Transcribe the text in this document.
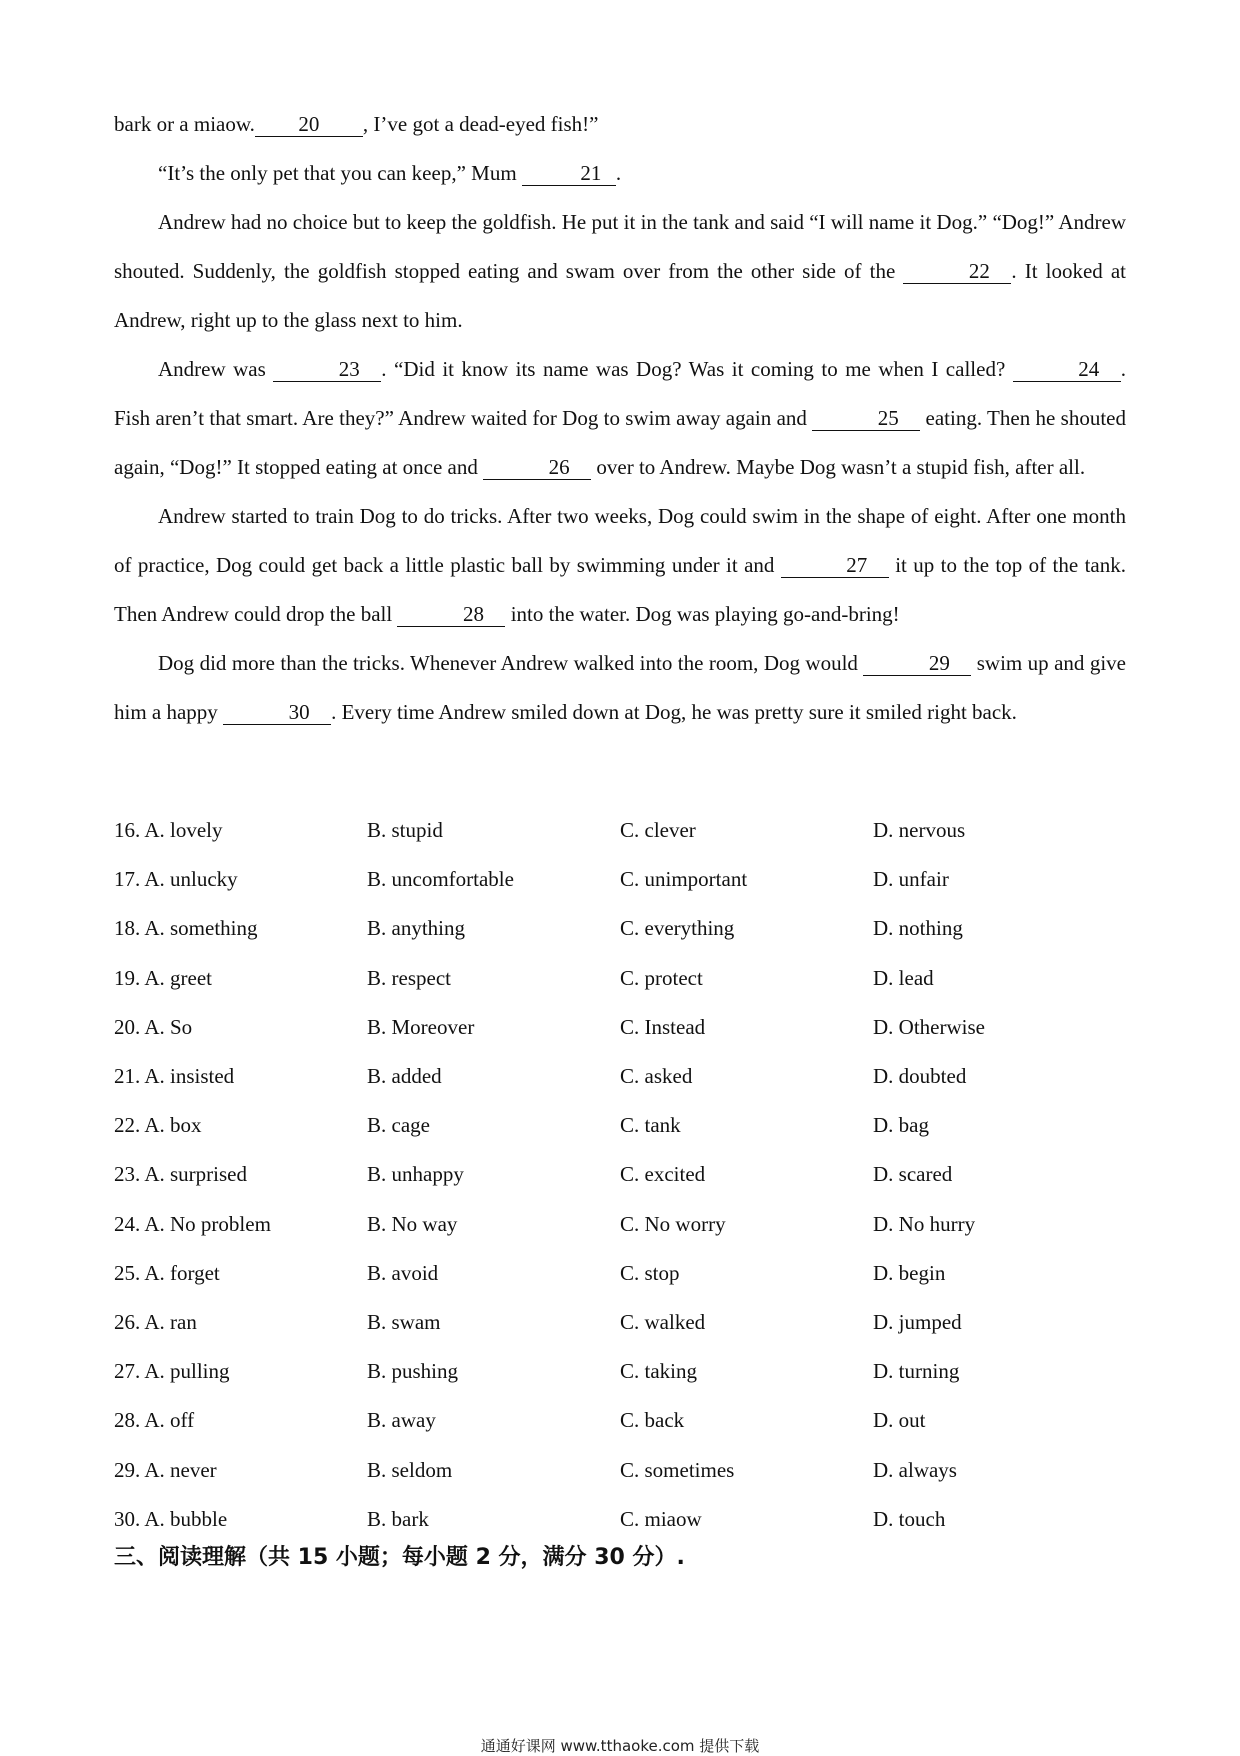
bark or a miaow. 20 , I’ve got a dead-eyed fish!”

“It’s the only pet that you can keep,” Mum	21 .

Andrew had no choice but to keep the goldfish. He put it in the tank and said “I will name it Dog.” “Dog!” Andrew shouted. Suddenly, the goldfish stopped eating and swam over from the other side of the	22 . It looked at Andrew, right up to the glass next to him.

Andrew was	23 . “Did it know its name was Dog? Was it coming to me when I called?	24 . Fish aren’t that smart. Are they?” Andrew waited for Dog to swim away again and	25 eating. Then he shouted again, “Dog!” It stopped eating at once and	26 over to Andrew. Maybe Dog wasn’t a stupid fish, after all.

Andrew started to train Dog to do tricks. After two weeks, Dog could swim in the shape of eight. After one month of practice, Dog could get back a little plastic ball by swimming under it and	27 it up to the top of the tank. Then Andrew could drop the ball	28 into the water. Dog was playing go-and-bring!

Dog did more than the tricks. Whenever Andrew walked into the room, Dog would	29 swim up and give him a happy	30 . Every time Andrew smiled down at Dog, he was pretty sure it smiled right back.

16. A. lovely	B. stupid	C. clever	D. nervous
17. A. unlucky	B. uncomfortable	C. unimportant	D. unfair
18. A. something	B. anything	C. everything	D. nothing
19. A. greet	B. respect	C. protect	D. lead
20. A. So	B. Moreover	C. Instead	D. Otherwise
21. A. insisted	B. added	C. asked	D. doubted
22. A. box	B. cage	C. tank	D. bag
23. A. surprised	B. unhappy	C. excited	D. scared
24. A. No problem	B. No way	C. No worry	D. No hurry
25. A. forget	B. avoid	C. stop	D. begin
26. A. ran	B. swam	C. walked	D. jumped
27. A. pulling	B. pushing	C. taking	D. turning
28. A. off	B. away	C. back	D. out
29. A. never	B. seldom	C. sometimes	D. always
30. A. bubble	B. bark	C. miaow	D. touch
三、阅读理解（共 15 小题；每小题 2 分，满分 30 分）.
通通好课网 www.tthaoke.com 提供下载
